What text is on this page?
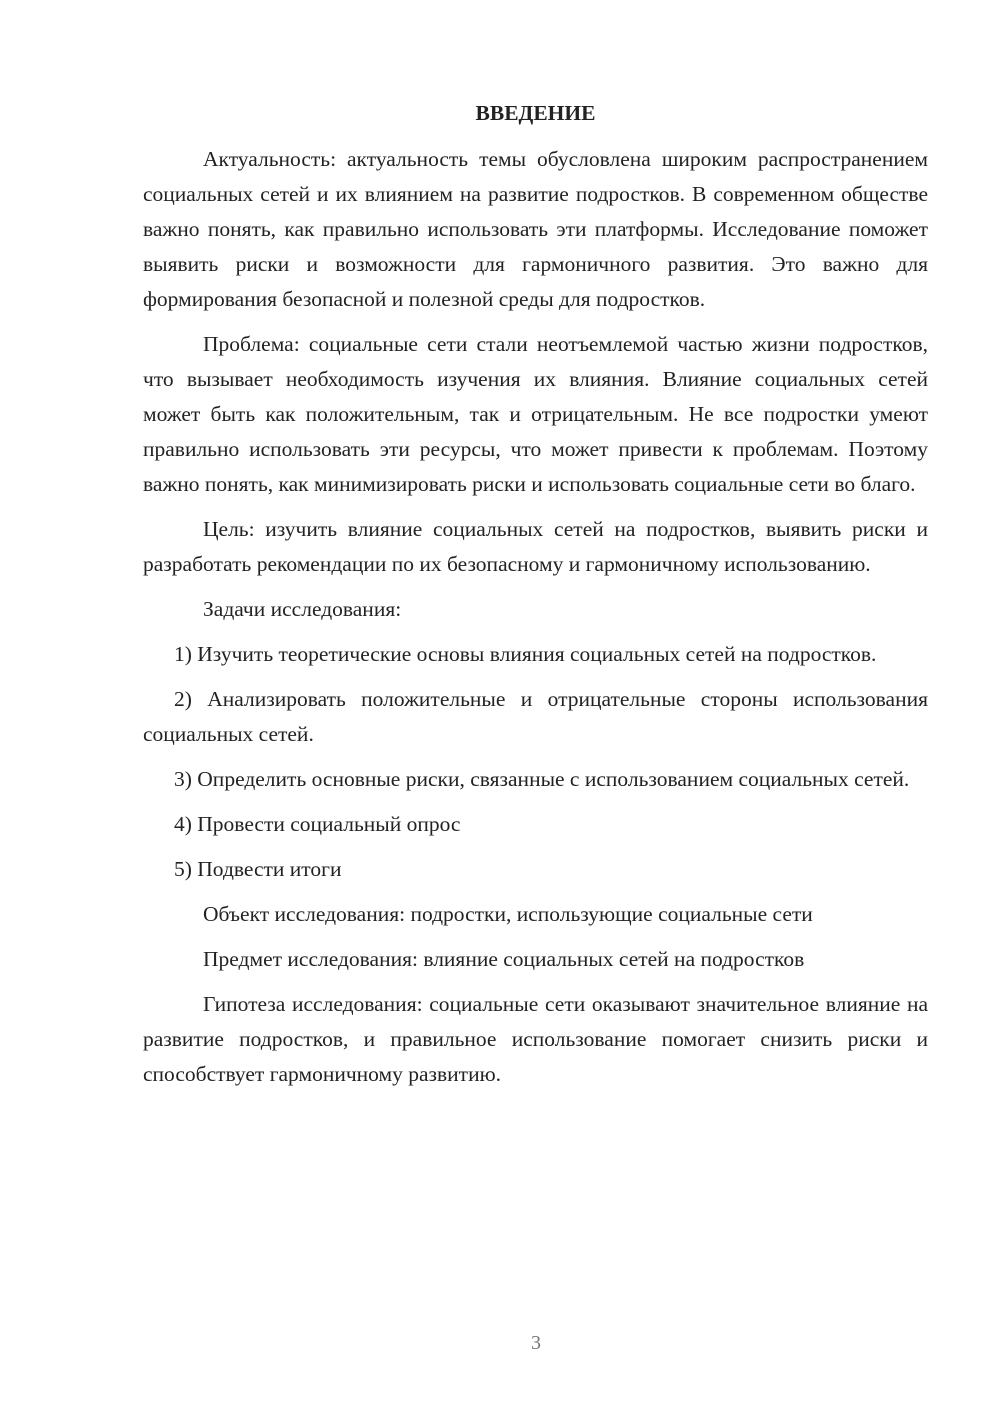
ВВЕДЕНИЕ

Актуальность: актуальность темы обусловлена широким распространением социальных сетей и их влиянием на развитие подростков. В современном обществе важно понять, как правильно использовать эти платформы. Исследование поможет выявить риски и возможности для гармоничного развития. Это важно для формирования безопасной и полезной среды для подростков.

Проблема: социальные сети стали неотъемлемой частью жизни подростков, что вызывает необходимость изучения их влияния. Влияние социальных сетей может быть как положительным, так и отрицательным. Не все подростки умеют правильно использовать эти ресурсы, что может привести к проблемам. Поэтому важно понять, как минимизировать риски и использовать социальные сети во благо.

Цель: изучить влияние социальных сетей на подростков, выявить риски и разработать рекомендации по их безопасному и гармоничному использованию.

Задачи исследования:

1) Изучить теоретические основы влияния социальных сетей на подростков.

2) Анализировать положительные и отрицательные стороны использования социальных сетей.

3) Определить основные риски, связанные с использованием социальных сетей.

4) Провести социальный опрос

5) Подвести итоги

Объект исследования: подростки, использующие социальные сети

Предмет исследования: влияние социальных сетей на подростков

Гипотеза исследования: социальные сети оказывают значительное влияние на развитие подростков, и правильное использование помогает снизить риски и способствует гармоничному развитию.

3
